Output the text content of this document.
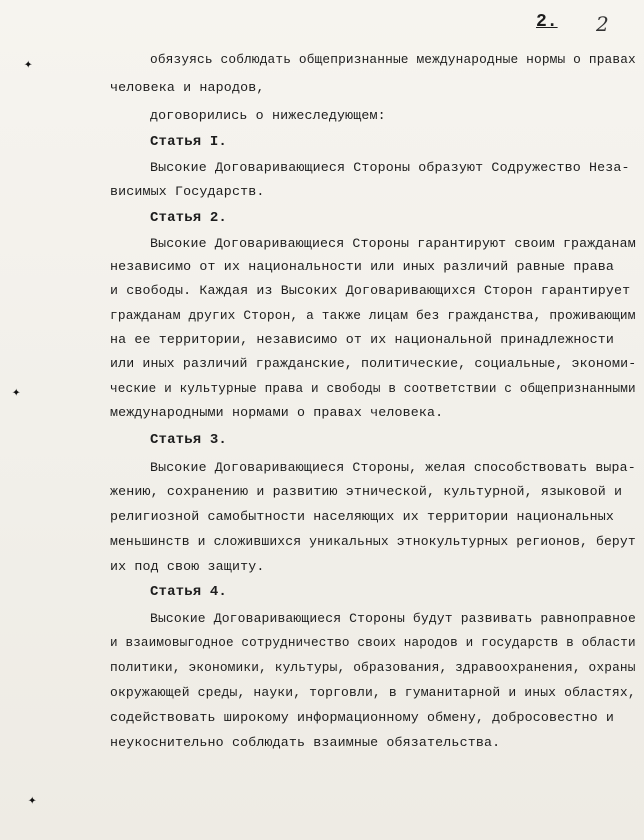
2. 2
✦
✦
✦
обязуясь соблюдать общепризнанные международные нормы о правах
человека и народов,
договорились о нижеследующем:
Статья I.
Высокие Договаривающиеся Стороны образуют Содружество Неза-
висимых Государств.
Статья 2.
Высокие Договаривающиеся Стороны гарантируют своим гражданам
независимо от их национальности или иных различий равные права
и свободы. Каждая из Высоких Договаривающихся Сторон гарантирует
гражданам других Сторон, а также лицам без гражданства, проживающим
на ее территории, независимо от их национальной принадлежности
или иных различий гражданские, политические, социальные, экономи-
ческие и культурные права и свободы в соответствии с общепризнанными
международными нормами о правах человека.
Статья 3.
Высокие Договаривающиеся Стороны, желая способствовать выра-
жению, сохранению и развитию этнической, культурной, языковой и
религиозной самобытности населяющих их территории национальных
меньшинств и сложившихся уникальных этнокультурных регионов, берут
их под свою защиту.
Статья 4.
Высокие Договаривающиеся Стороны будут развивать равноправное
и взаимовыгодное сотрудничество своих народов и государств в области
политики, экономики, культуры, образования, здравоохранения, охраны
окружающей среды, науки, торговли, в гуманитарной и иных областях,
содействовать широкому информационному обмену, добросовестно и
неукоснительно соблюдать взаимные обязательства.
